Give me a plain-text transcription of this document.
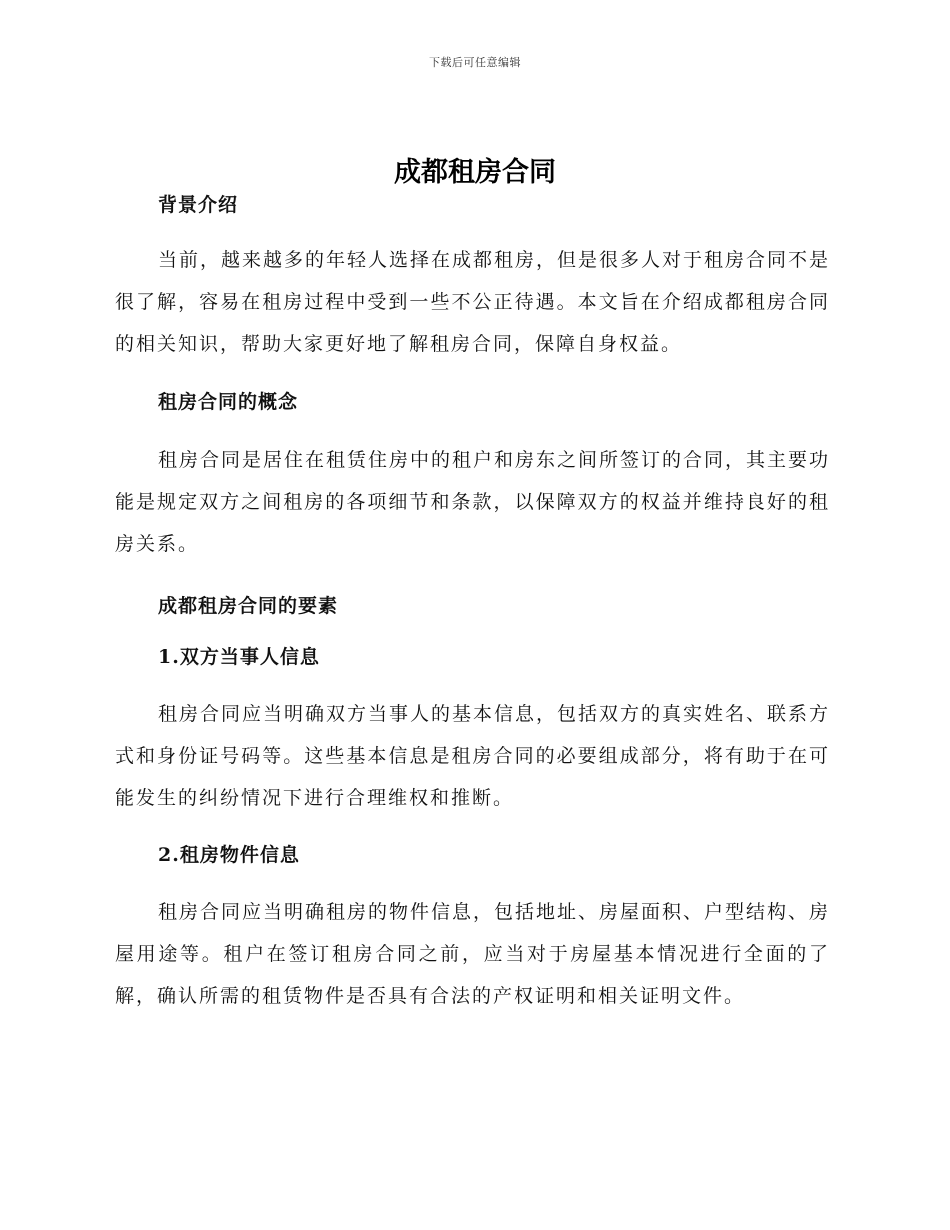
下载后可任意编辑
成都租房合同

背景介绍

当前，越来越多的年轻人选择在成都租房，但是很多人对于租房合同不是很了解，容易在租房过程中受到一些不公正待遇。本文旨在介绍成都租房合同的相关知识，帮助大家更好地了解租房合同，保障自身权益。

租房合同的概念

租房合同是居住在租赁住房中的租户和房东之间所签订的合同，其主要功能是规定双方之间租房的各项细节和条款，以保障双方的权益并维持良好的租房关系。

成都租房合同的要素

1.双方当事人信息

租房合同应当明确双方当事人的基本信息，包括双方的真实姓名、联系方式和身份证号码等。这些基本信息是租房合同的必要组成部分，将有助于在可能发生的纠纷情况下进行合理维权和推断。

2.租房物件信息

租房合同应当明确租房的物件信息，包括地址、房屋面积、户型结构、房屋用途等。租户在签订租房合同之前，应当对于房屋基本情况进行全面的了解，确认所需的租赁物件是否具有合法的产权证明和相关证明文件。
